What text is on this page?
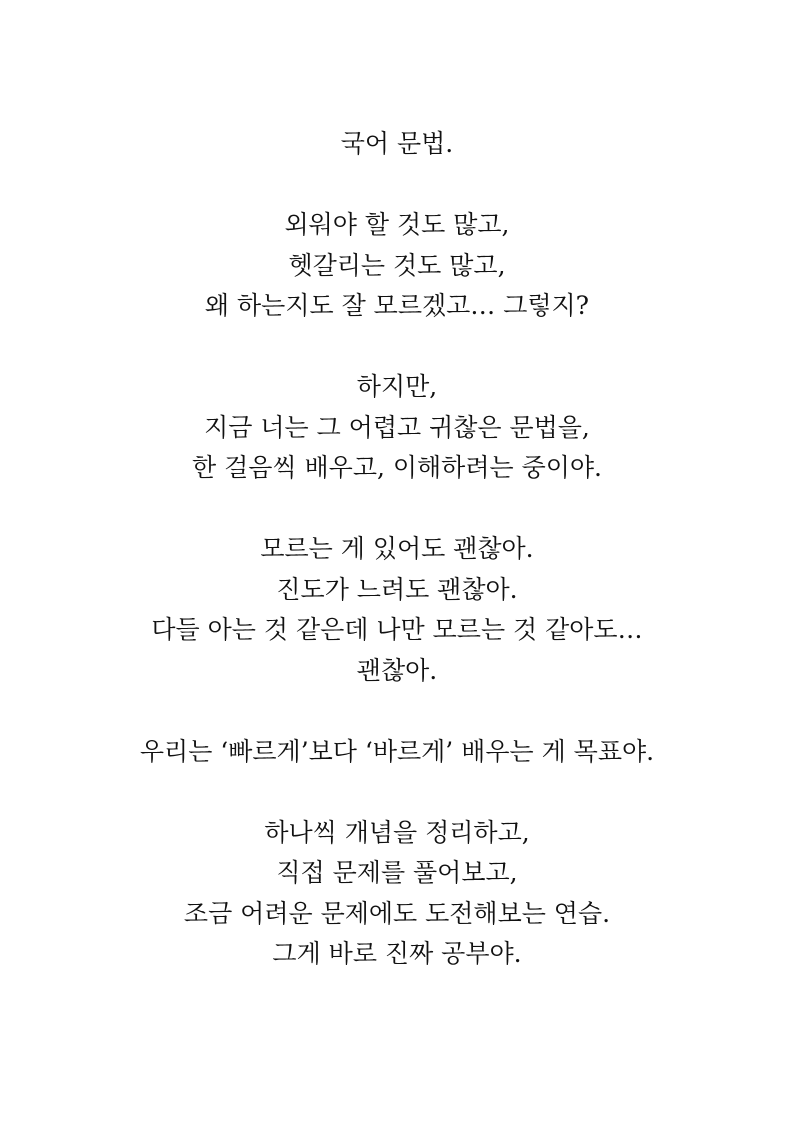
국어 문법.
외워야 할 것도 많고,
헷갈리는 것도 많고,
왜 하는지도 잘 모르겠고… 그렇지?
하지만,
지금 너는 그 어렵고 귀찮은 문법을,
한 걸음씩 배우고, 이해하려는 중이야.
모르는 게 있어도 괜찮아.
진도가 느려도 괜찮아.
다들 아는 것 같은데 나만 모르는 것 같아도…
괜찮아.
우리는 ‘빠르게’보다 ‘바르게’ 배우는 게 목표야.
하나씩 개념을 정리하고,
직접 문제를 풀어보고,
조금 어려운 문제에도 도전해보는 연습.
그게 바로 진짜 공부야.
